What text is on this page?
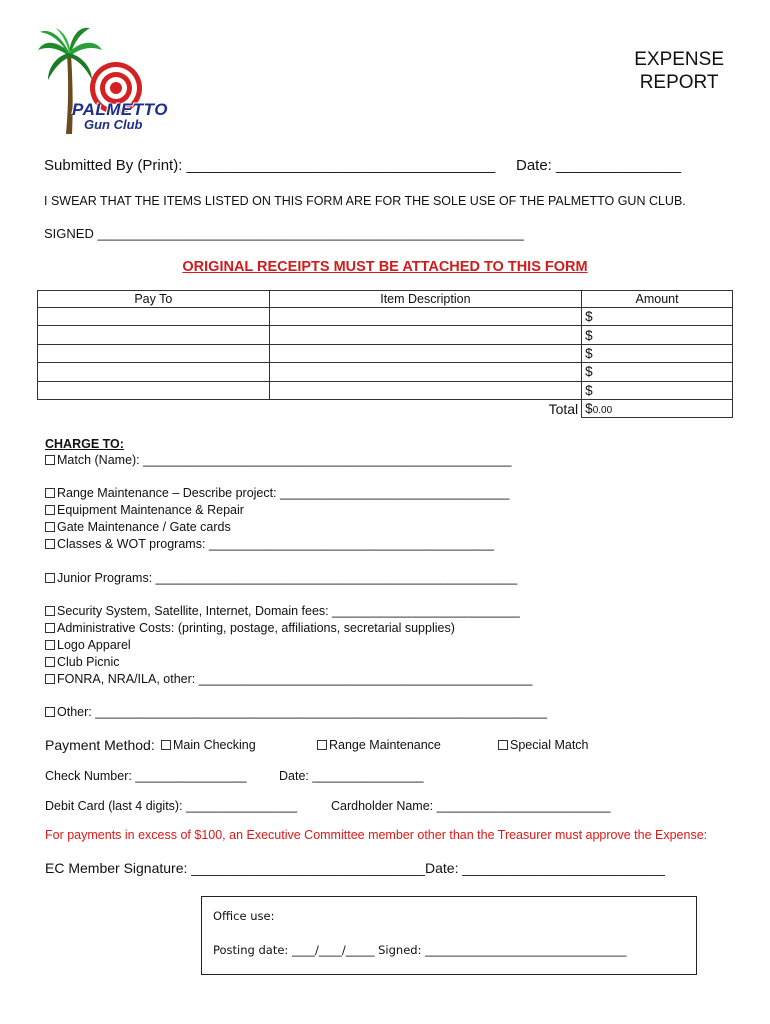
PALMETTO
Gun Club
EXPENSE
REPORT
Submitted By (Print): _____________________________________ Date: _______________
I SWEAR THAT THE ITEMS LISTED ON THIS FORM ARE FOR THE SOLE USE OF THE PALMETTO GUN CLUB.
SIGNED ___________________________________________________________
ORIGINAL RECEIPTS MUST BE ATTACHED TO THIS FORM
Pay To	Item Description	Amount
		$
		$
		$
		$
		$
	Total	$0.00
CHARGE TO:
Match (Name): _____________________________________________________
Range Maintenance – Describe project: _________________________________
Equipment Maintenance & Repair
Gate Maintenance / Gate cards
Classes & WOT programs: _________________________________________
Junior Programs: ____________________________________________________
Security System, Satellite, Internet, Domain fees: ___________________________
Administrative Costs: (printing, postage, affiliations, secretarial supplies)
Logo Apparel
Club Picnic
FONRA, NRA/ILA, other: ________________________________________________
Other: _________________________________________________________________
Payment Method:	Main Checking	Range Maintenance	Special Match
Check Number: ________________	Date: ________________
Debit Card (last 4 digits): ________________	Cardholder Name: _________________________
For payments in excess of $100, an Executive Committee member other than the Treasurer must approve the Expense:
EC Member Signature: ______________________________ Date: __________________________
Office use:
Posting date: ____/____/_____ Signed: ___________________________________
